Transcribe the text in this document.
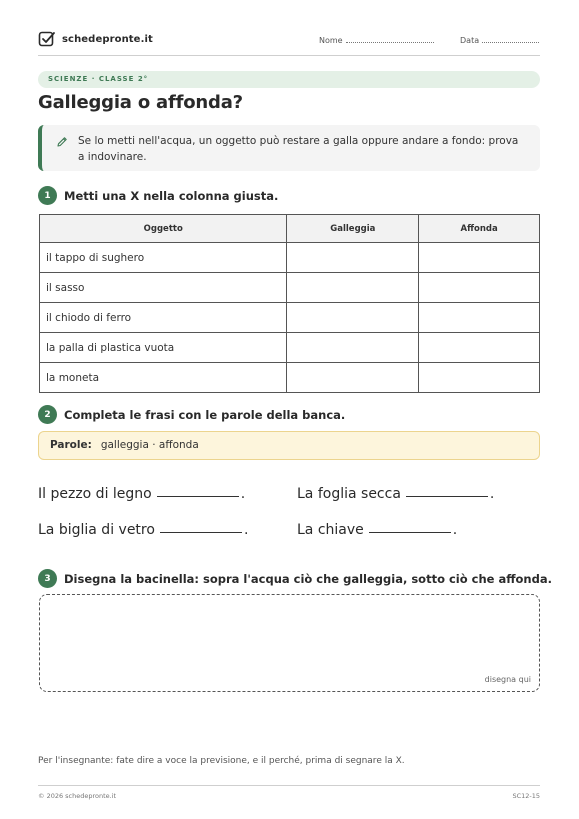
schedepronte.it	Nome	Data
SCIENZE · CLASSE 2°
Galleggia o affonda?
Se lo metti nell'acqua, un oggetto può restare a galla oppure andare a fondo: prova a indovinare.
1	Metti una X nella colonna giusta.
Oggetto	Galleggia	Affonda
il tappo di sughero		
il sasso		
il chiodo di ferro		
la palla di plastica vuota		
la moneta		
2	Completa le frasi con le parole della banca.
Parole: galleggia · affonda
Il pezzo di legno	.	La foglia secca	.
La biglia di vetro	.	La chiave	.
3	Disegna la bacinella: sopra l'acqua ciò che galleggia, sotto ciò che affonda.
disegna qui
Per l'insegnante: fate dire a voce la previsione, e il perché, prima di segnare la X.
© 2026 schedepronte.it	SC12-15
